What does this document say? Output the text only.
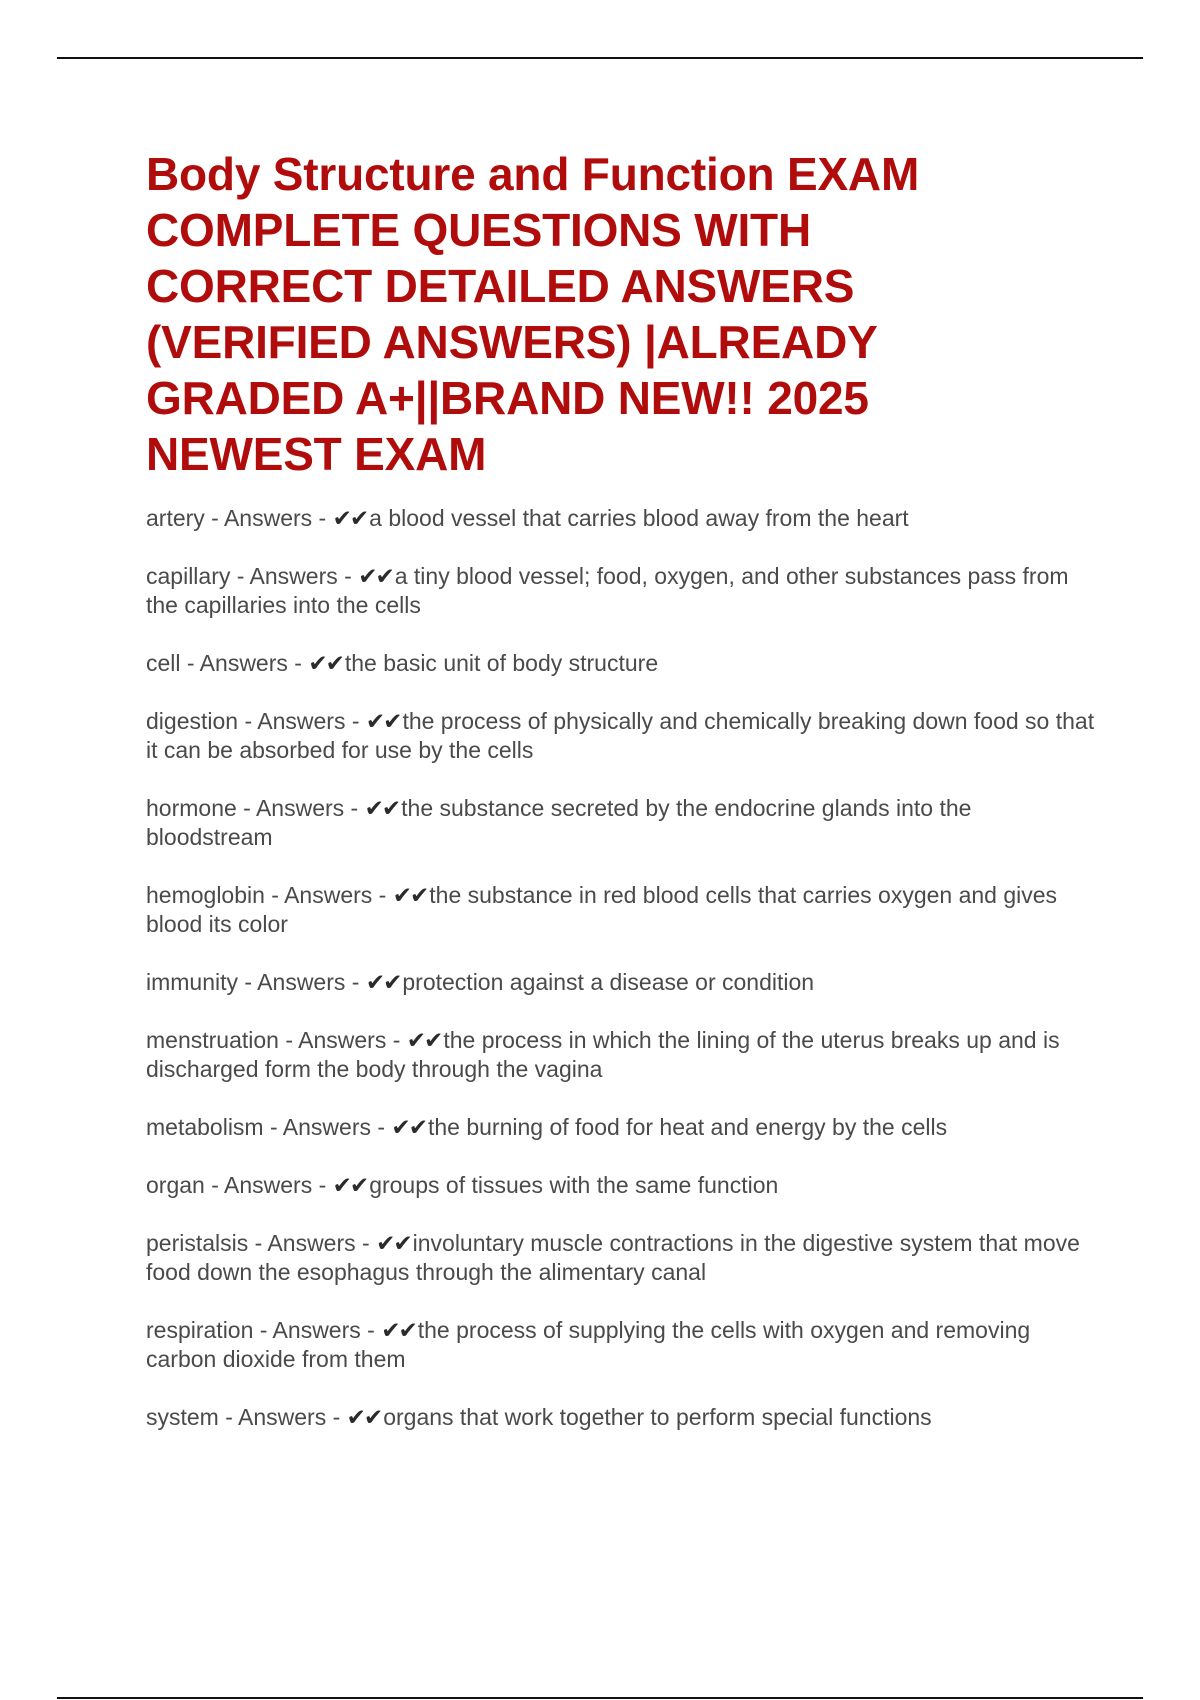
Body Structure and Function EXAM
COMPLETE QUESTIONS WITH
CORRECT DETAILED ANSWERS
(VERIFIED ANSWERS) |ALREADY
GRADED A+||BRAND NEW!! 2025
NEWEST EXAM

artery - Answers - ✔✔a blood vessel that carries blood away from the heart

capillary - Answers - ✔✔a tiny blood vessel; food, oxygen, and other substances pass from the capillaries into the cells

cell - Answers - ✔✔the basic unit of body structure

digestion - Answers - ✔✔the process of physically and chemically breaking down food so that it can be absorbed for use by the cells

hormone - Answers - ✔✔the substance secreted by the endocrine glands into the bloodstream

hemoglobin - Answers - ✔✔the substance in red blood cells that carries oxygen and gives blood its color

immunity - Answers - ✔✔protection against a disease or condition

menstruation - Answers - ✔✔the process in which the lining of the uterus breaks up and is discharged form the body through the vagina

metabolism - Answers - ✔✔the burning of food for heat and energy by the cells

organ - Answers - ✔✔groups of tissues with the same function

peristalsis - Answers - ✔✔involuntary muscle contractions in the digestive system that move food down the esophagus through the alimentary canal

respiration - Answers - ✔✔the process of supplying the cells with oxygen and removing carbon dioxide from them

system - Answers - ✔✔organs that work together to perform special functions
